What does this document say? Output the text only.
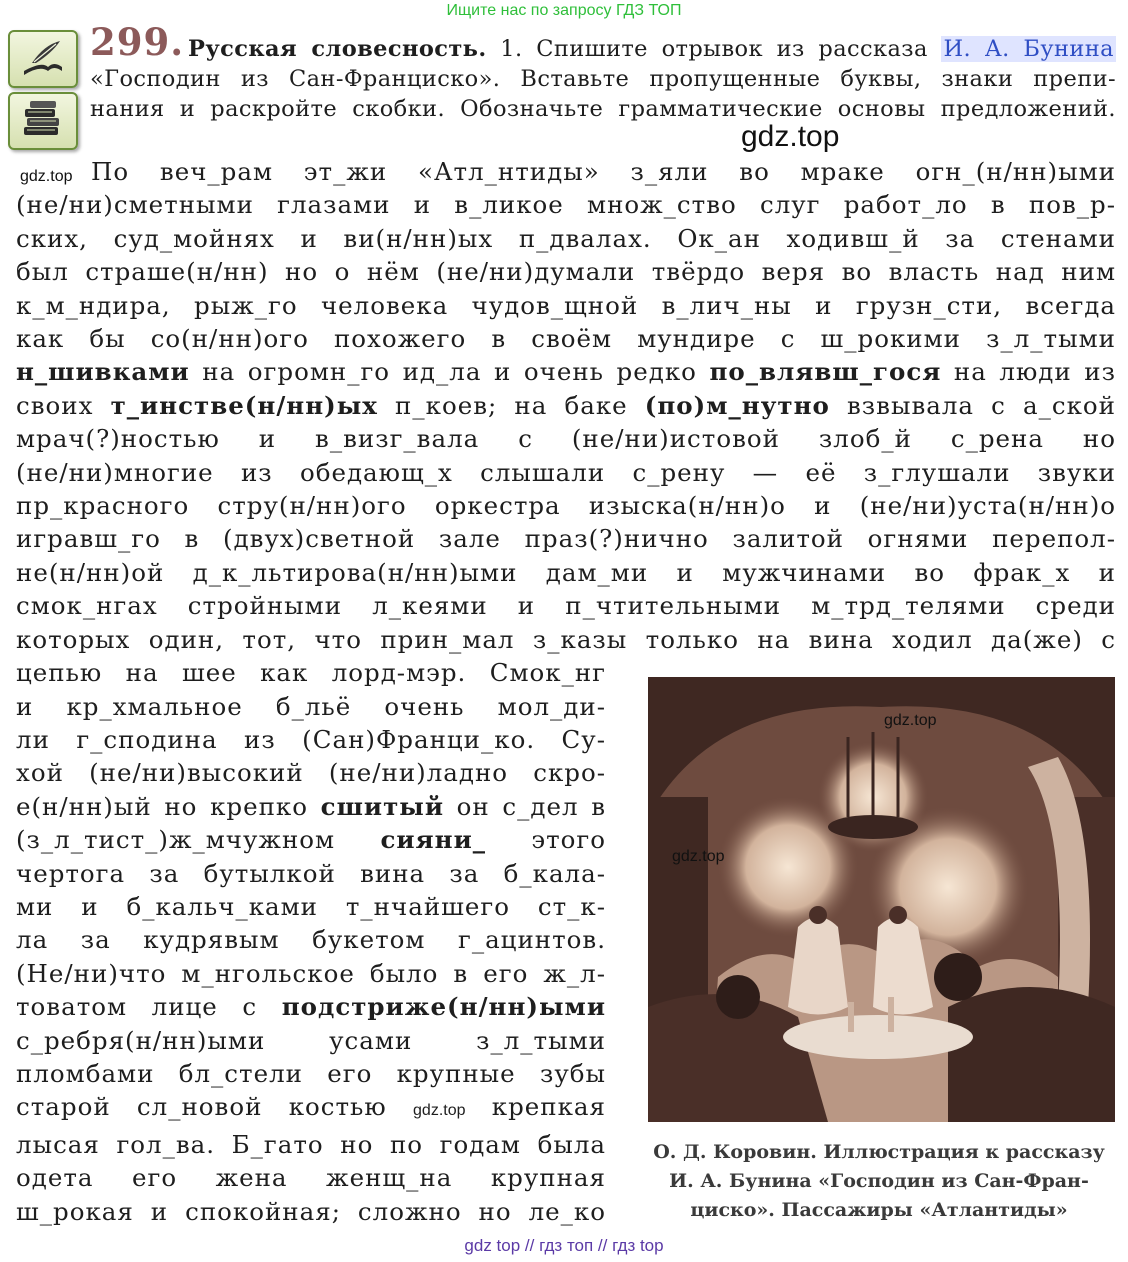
Ищите нас по запросу ГДЗ ТОП
299. Русская словесность. 1. Спишите отрывок из рассказа И. А. Бунина
«Господин из Сан-Франциско». Вставьте пропущенные буквы, знаки препи-
нания и раскройте скобки. Обозначьте грамматические основы предложений.
gdz.top
gdz.top По веч_рам эт_жи «Атл_нтиды» з_яли во мраке огн_(н/нн)ыми
(не/ни)сметными глазами и в_ликое множ_ство слуг работ_ло в пов_р-
ских, суд_мойнях и ви(н/нн)ых п_двалах. Ок_ан ходивш_й за стенами
был страше(н/нн) но о нём (не/ни)думали твёрдо веря во власть над ним
к_м_ндира, рыж_го человека чудов_щной в_лич_ны и грузн_сти, всегда
как бы со(н/нн)ого похожего в своём мундире с ш_рокими з_л_тыми
н_шивками на огромн_го ид_ла и очень редко по_влявш_гося на люди из
своих т_инстве(н/нн)ых п_коев; на баке (по)м_нутно взвывала с а_ской
мрач(?)ностью и в_визг_вала с (не/ни)истовой злоб_й с_рена но
(не/ни)многие из обедающ_х слышали с_рену — её з_глушали звуки
пр_красного стру(н/нн)ого оркестра изыска(н/нн)о и (не/ни)уста(н/нн)о
игравш_го в (двух)светной зале праз(?)нично залитой огнями перепол-
не(н/нн)ой д_к_льтирова(н/нн)ыми дам_ми и мужчинами во фрак_х и
смок_нгах стройными л_кеями и п_чтительными м_трд_телями среди
которых один, тот, что прин_мал з_казы только на вина ходил да(же) с
цепью на шее как лорд-мэр. Смок_нг
и кр_хмальное б_льё очень мол_ди-
ли г_сподина из (Сан)Франци_ко. Су-
хой (не/ни)высокий (не/ни)ладно скро-
е(н/нн)ый но крепко сшитый он с_дел в
(з_л_тист_)ж_мчужном сияни_ этого
чертога за бутылкой вина за б_кала-
ми и б_кальч_ками т_нчайшего ст_к-
ла за кудрявым букетом г_ацинтов.
(Не/ни)что м_нгольское было в его ж_л-
товатом лице с подстриже(н/нн)ыми
с_ребря(н/нн)ыми усами з_л_тыми
пломбами бл_стели его крупные зубы
старой сл_новой костью gdz.top крепкая
лысая гол_ва. Б_гато но по годам была
одета его жена женщ_на крупная
ш_рокая и спокойная; сложно но ле_ко
gdz.top
gdz.top
О. Д. Коровин. Иллюстрация к рассказу
И. А. Бунина «Господин из Сан-Фран-
циско». Пассажиры «Атлантиды»
gdz top // гдз топ // гдз top
